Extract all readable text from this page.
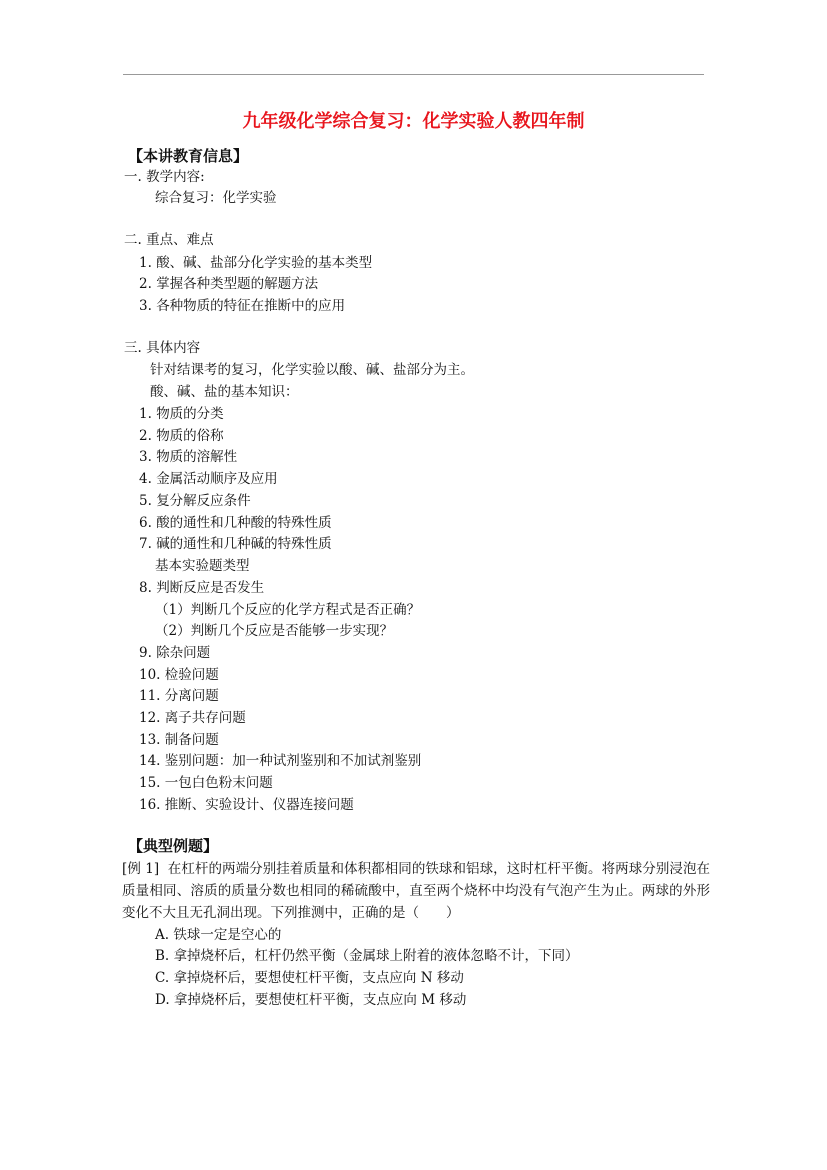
九年级化学综合复习：化学实验人教四年制
【本讲教育信息】
一. 教学内容:
综合复习：化学实验
二. 重点、难点
1. 酸、碱、盐部分化学实验的基本类型
2. 掌握各种类型题的解题方法
3. 各种物质的特征在推断中的应用
三. 具体内容
针对结课考的复习，化学实验以酸、碱、盐部分为主。
酸、碱、盐的基本知识：
1. 物质的分类
2. 物质的俗称
3. 物质的溶解性
4. 金属活动顺序及应用
5. 复分解反应条件
6. 酸的通性和几种酸的特殊性质
7. 碱的通性和几种碱的特殊性质
基本实验题类型
8. 判断反应是否发生
（1）判断几个反应的化学方程式是否正确？
（2）判断几个反应是否能够一步实现？
9. 除杂问题
10. 检验问题
11. 分离问题
12. 离子共存问题
13. 制备问题
14. 鉴别问题：加一种试剂鉴别和不加试剂鉴别
15. 一包白色粉末问题
16. 推断、实验设计、仪器连接问题
【典型例题】
[例 1] 在杠杆的两端分别挂着质量和体积都相同的铁球和铝球，这时杠杆平衡。将两球分别浸泡在质量相同、溶质的质量分数也相同的稀硫酸中，直至两个烧杯中均没有气泡产生为止。两球的外形变化不大且无孔洞出现。下列推测中，正确的是（　　）
A. 铁球一定是空心的
B. 拿掉烧杯后，杠杆仍然平衡（金属球上附着的液体忽略不计，下同）
C. 拿掉烧杯后，要想使杠杆平衡，支点应向 N 移动
D. 拿掉烧杯后，要想使杠杆平衡，支点应向 M 移动
